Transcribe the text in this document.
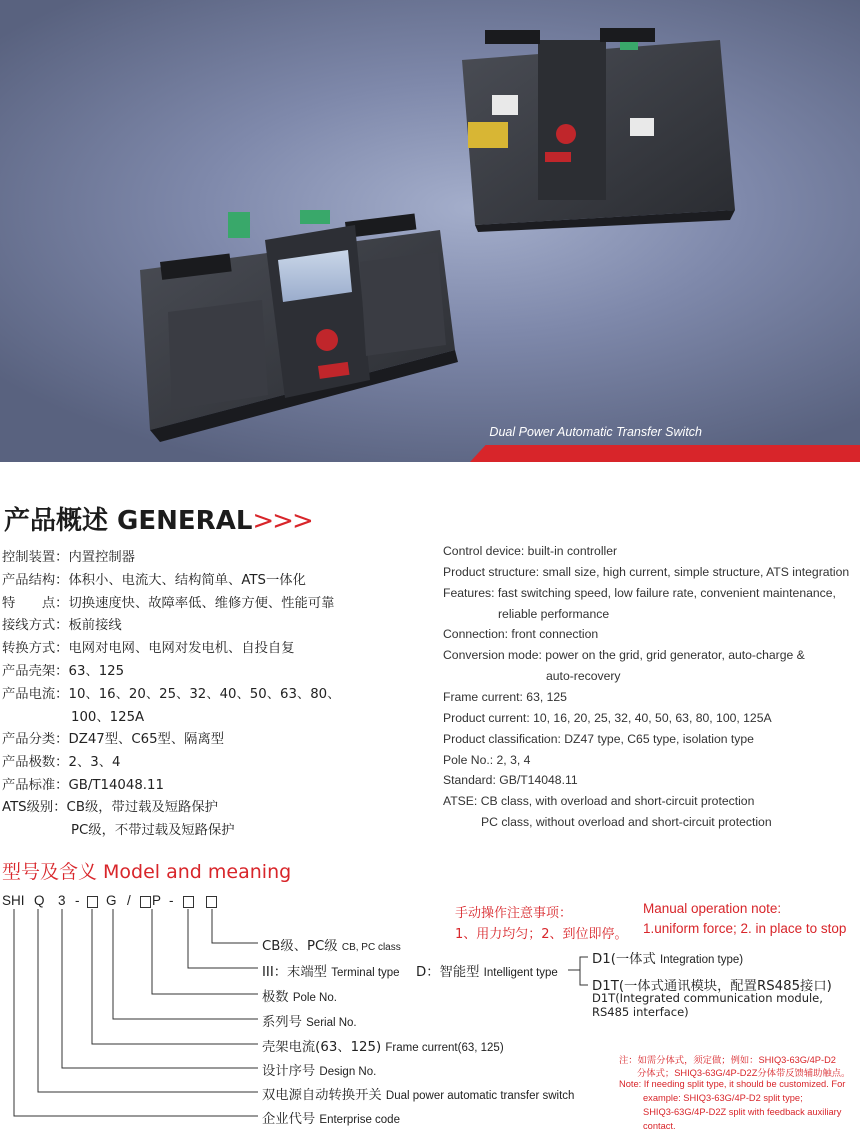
Dual Power Automatic Transfer Switch
产品概述 GENERAL>>>
控制装置：内置控制器
产品结构：体积小、电流大、结构简单、ATS一体化
特　　点：切换速度快、故障率低、维修方便、性能可靠
接线方式：板前接线
转换方式：电网对电网、电网对发电机、自投自复
产品壳架：63、125
产品电流：10、16、20、25、32、40、50、63、80、
100、125A
产品分类：DZ47型、C65型、隔离型
产品极数：2、3、4
产品标准：GB/T14048.11
ATS级别：CB级，带过载及短路保护
PC级，不带过载及短路保护
Control device: built-in controller
Product structure: small size, high current, simple structure, ATS integration
Features: fast switching speed, low failure rate, convenient maintenance,
reliable performance
Connection: front connection
Conversion mode: power on the grid, grid generator, auto-charge &
auto-recovery
Frame current: 63, 125
Product current: 10, 16, 20, 25, 32, 40, 50, 63, 80, 100, 125A
Product classification: DZ47 type, C65 type, isolation type
Pole No.: 2, 3, 4
Standard: GB/T14048.11
ATSE: CB class, with overload and short-circuit protection
PC class, without overload and short-circuit protection
型号及含义 Model and meaning
SHI Q 3 - G / P -
CB级、PC级 CB, PC class
III：末端型 Terminal type D：智能型 Intelligent type
极数 Pole No.
系列号 Serial No.
壳架电流(63、125) Frame current(63, 125)
设计序号 Design No.
双电源自动转换开关 Dual power automatic transfer switch
企业代号 Enterprise code
D1(一体式 Integration type)
D1T(一体式通讯模块，配置RS485接口)
D1T(Integrated communication module,
RS485 interface)
手动操作注意事项：
1、用力均匀；2、到位即停。
Manual operation note:
1.uniform force; 2. in place to stop
注：如需分体式，须定做；例如：SHIQ3-63G/4P-D2
分体式；SHIQ3-63G/4P-D2Z分体带反馈辅助触点。
Note: If needing split type, it should be customized. For
example: SHIQ3-63G/4P-D2 split type;
SHIQ3-63G/4P-D2Z split with feedback auxiliary
contact.
